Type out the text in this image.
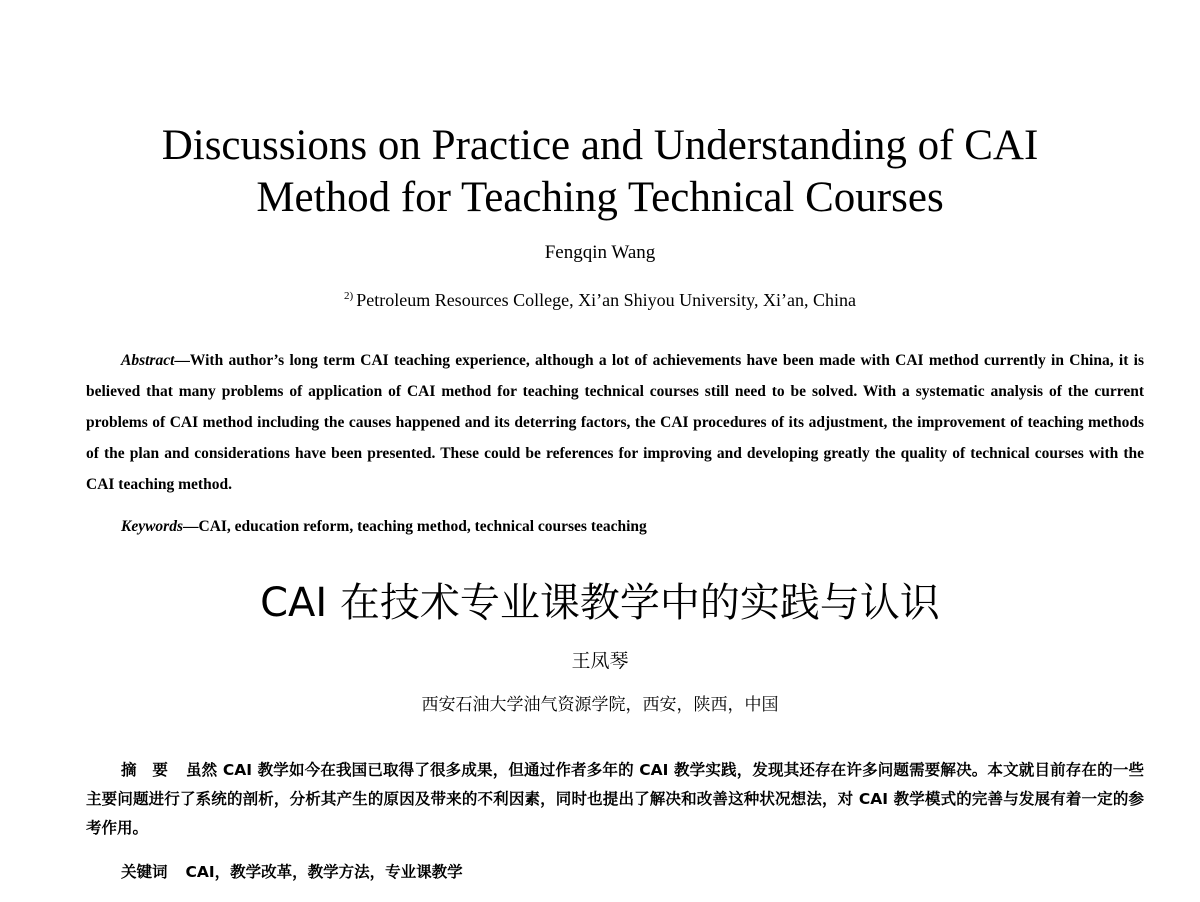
Discussions on Practice and Understanding of CAI
Method for Teaching Technical Courses
Fengqin Wang
$^{2)}$ Petroleum Resources College, Xi’an Shiyou University, Xi’an, China

Abstract—With author’s long term CAI teaching experience, although a lot of achievements have been made with CAI method currently in China, it is believed that many problems of application of CAI method for teaching technical courses still need to be solved. With a systematic analysis of the current problems of CAI method including the causes happened and its deterring factors, the CAI procedures of its adjustment, the improvement of teaching methods of the plan and considerations have been presented. These could be references for improving and developing greatly the quality of technical courses with the CAI teaching method.

Keywords—CAI, education reform, teaching method, technical courses teaching

CAI 在技术专业课教学中的实践与认识
王凤琴
西安石油大学油气资源学院，西安，陕西，中国

摘　要 虽然 CAI 教学如今在我国已取得了很多成果，但通过作者多年的 CAI 教学实践，发现其还存在许多问题需要解决。本文就目前存在的一些主要问题进行了系统的剖析，分析其产生的原因及带来的不利因素，同时也提出了解决和改善这种状况想法，对 CAI 教学模式的完善与发展有着一定的参考作用。

关键词 CAI，教学改革，教学方法，专业课教学
